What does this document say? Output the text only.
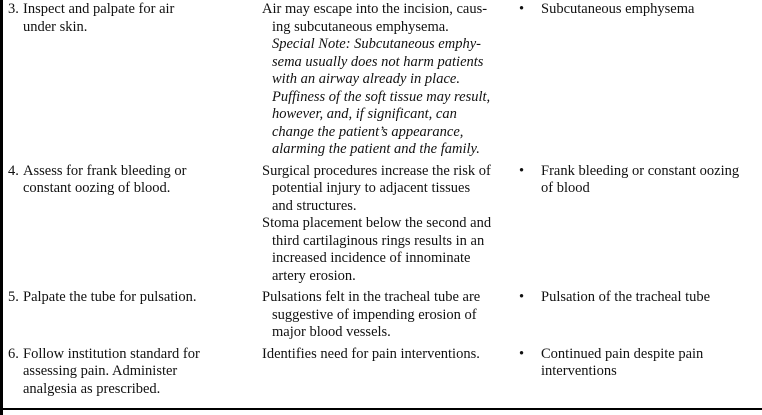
3. Inspect and palpate for air
under skin.

Air may escape into the incision, caus-
ing subcutaneous emphysema.

Special Note: Subcutaneous emphy-
sema usually does not harm patients
with an airway already in place.
Puffiness of the soft tissue may result,
however, and, if significant, can
change the patient’s appearance,
alarming the patient and the family.

• Subcutaneous emphysema
4. Assess for frank bleeding or
constant oozing of blood.

Surgical procedures increase the risk of
potential injury to adjacent tissues
and structures.

Stoma placement below the second and
third cartilaginous rings results in an
increased incidence of innominate
artery erosion.

• Frank bleeding or constant oozing
of blood
5. Palpate the tube for pulsation.	Pulsations felt in the tracheal tube are
suggestive of impending erosion of
major blood vessels.

• Pulsation of the tracheal tube
6. Follow institution standard for
assessing pain. Administer
analgesia as prescribed.

Identifies need for pain interventions.	• Continued pain despite pain
interventions
